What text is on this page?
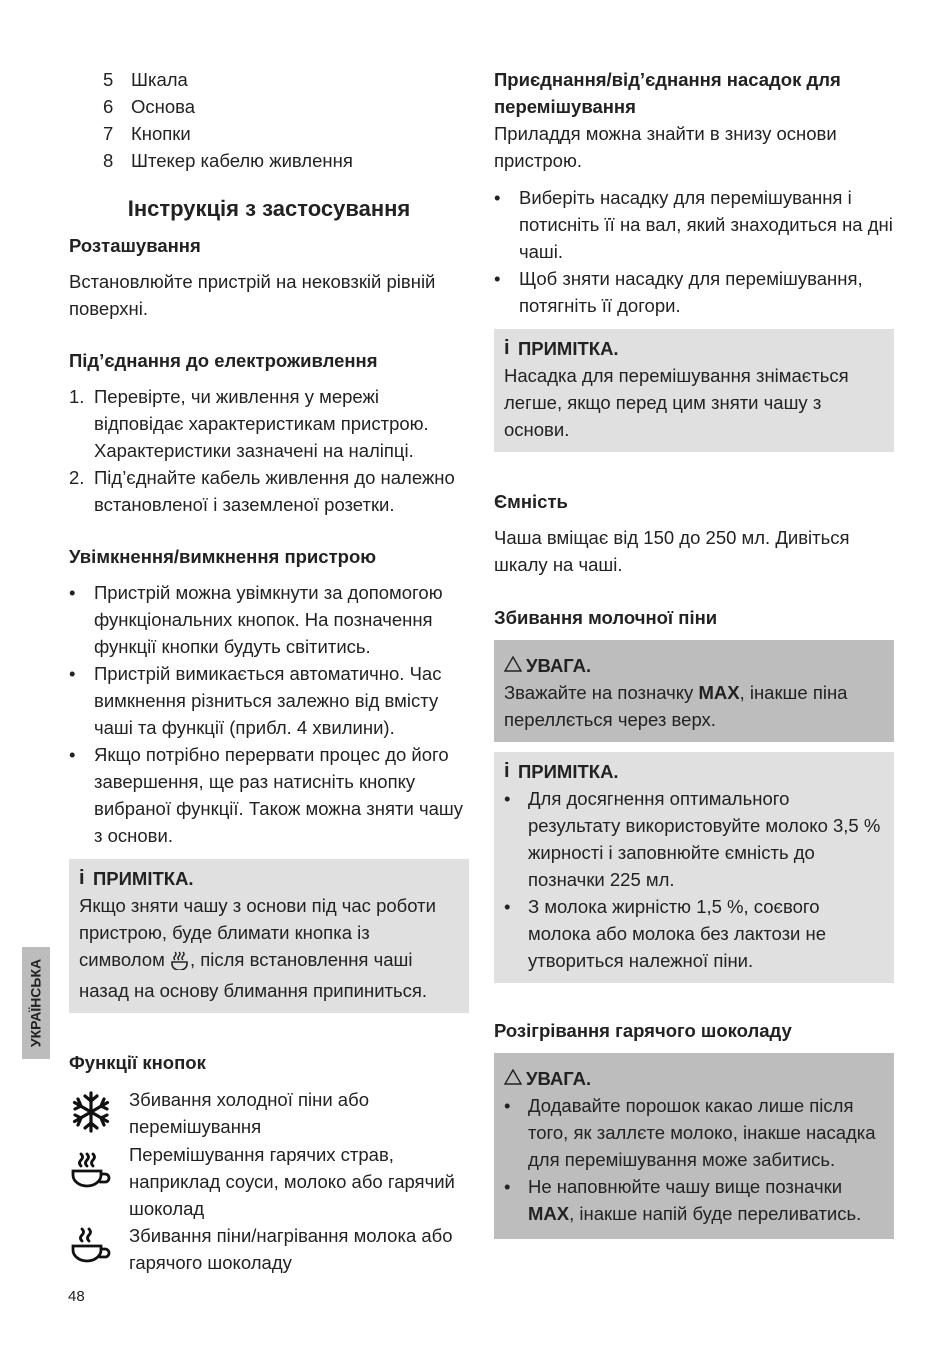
5 Шкала
6 Основа
7 Кнопки
8 Штекер кабелю живлення
Інструкція з застосування
Розташування

Встановлюйте пристрій на нековзкій рівній поверхні.

Під’єднання до електроживлення
1. Перевірте, чи живлення у мережі відповідає характеристикам пристрою. Характеристики зазначені на наліпці.
2. Під’єднайте кабель живлення до належно встановленої і заземленої розетки.
Увімкнення/вимкнення пристрою
• Пристрій можна увімкнути за допомогою функціональних кнопок. На позначення функції кнопки будуть світитись.
• Пристрій вимикається автоматично. Час вимкнення різниться залежно від вмісту чаші та функції (прибл. 4 хвилини).
• Якщо потрібно перервати процес до його завершення, ще раз натисніть кнопку вибраної функції. Також можна зняти чашу з основи.
i ПРИМІТКА.

Якщо зняти чашу з основи під час роботи пристрою, буде блимати кнопка із символом , після встановлення чаші назад на основу блимання припиниться.

Функції кнопок
Збивання холодної піни або перемішування
Перемішування гарячих страв, наприклад соуси, молоко або гарячий шоколад
Збивання піни/нагрівання молока або гарячого шоколаду
Приєднання/від’єднання насадок для перемішування

Приладдя можна знайти в знизу основи пристрою.

• Виберіть насадку для перемішування і потисніть її на вал, який знаходиться на дні чаші.
• Щоб зняти насадку для перемішування, потягніть її догори.
i ПРИМІТКА.

Насадка для перемішування знімається легше, якщо перед цим зняти чашу з основи.

Ємність

Чаша вміщає від 150 до 250 мл. Дивіться шкалу на чаші.

Збивання молочної піни
УВАГА.

Зважайте на позначку MAX, інакше піна переллється через верх.

i ПРИМІТКА.
• Для досягнення оптимального результату використовуйте молоко 3,5 % жирності і заповнюйте ємність до позначки 225 мл.
• З молока жирністю 1,5 %, соєвого молока або молока без лактози не утвориться належної піни.
Розігрівання гарячого шоколаду
УВАГА.
• Додавайте порошок какао лише після того, як заллєте молоко, інакше насадка для перемішування може забитись.
• Не наповнюйте чашу вище позначки MAX, інакше напій буде переливатись.
УКРАЇНСЬКА
48
